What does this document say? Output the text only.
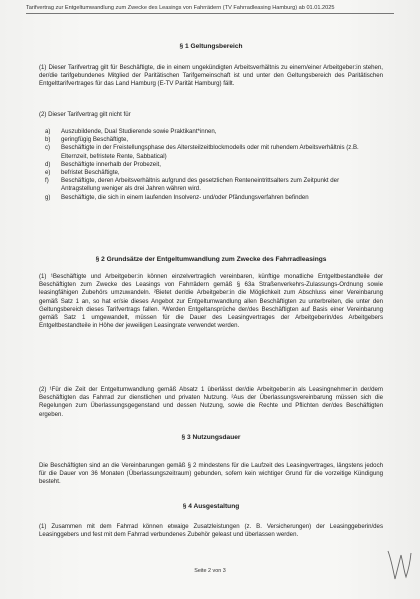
Tarifvertrag zur Entgeltumwandlung zum Zwecke des Leasings von Fahrrädern (TV Fahrradleasing Hamburg) ab 01.01.2025
§ 1 Geltungsbereich
(1) Dieser Tarifvertrag gilt für Beschäftigte, die in einem ungekündigten Arbeitsverhältnis zu einem/einer Arbeitgeber:in stehen, der/die tarifgebundenes Mitglied der Paritätischen Tarifgemeinschaft ist und unter den Geltungsbereich des Paritätischen Entgelttarifvertrages für das Land Hamburg (E-TV Parität Hamburg) fällt.
(2) Dieser Tarifvertrag gilt nicht für
a) Auszubildende, Dual Studierende sowie Praktikant*innen,
b) geringfügig Beschäftigte,
c) Beschäftigte in der Freistellungsphase des Altersteilzeitblockmodells oder mit ruhendem Arbeitsverhältnis (z.B. Elternzeit, befristete Rente, Sabbatical)
d) Beschäftigte innerhalb der Probezeit,
e) befristet Beschäftigte,
f) Beschäftigte, deren Arbeitsverhältnis aufgrund des gesetzlichen Renteneintrittsalters zum Zeitpunkt der Antragstellung weniger als drei Jahren währen wird.
g) Beschäftigte, die sich in einem laufenden Insolvenz- und/oder Pfändungsverfahren befinden
§ 2 Grundsätze der Entgeltumwandlung zum Zwecke des Fahrradleasings
(1) ¹Beschäftigte und Arbeitgeber:in können einzelvertraglich vereinbaren, künftige monatliche Entgeltbestandteile der Beschäftigten zum Zwecke des Leasings von Fahrrädern gemäß § 63a Straßenverkehrs-Zulassungs-Ordnung sowie leasingfähigen Zubehörs umzuwandeln. ²Bietet der/die Arbeitgeber:in die Möglichkeit zum Abschluss einer Vereinbarung gemäß Satz 1 an, so hat er/sie dieses Angebot zur Entgeltumwandlung allen Beschäftigten zu unterbreiten, die unter den Geltungsbereich dieses Tarifvertrags fallen. ³Werden Entgeltansprüche der/des Beschäftigten auf Basis einer Vereinbarung gemäß Satz 1 umgewandelt, müssen für die Dauer des Leasingvertrages der Arbeitgeberin/des Arbeitgebers Entgeltbestandteile in Höhe der jeweiligen Leasingrate verwendet werden.
(2) ¹Für die Zeit der Entgeltumwandlung gemäß Absatz 1 überlässt der/die Arbeitgeber:in als Leasingnehmer:in der/dem Beschäftigten das Fahrrad zur dienstlichen und privaten Nutzung. ²Aus der Überlassungsvereinbarung müssen sich die Regelungen zum Überlassungsgegenstand und dessen Nutzung, sowie die Rechte und Pflichten der/des Beschäftigten ergeben.
§ 3 Nutzungsdauer
Die Beschäftigten sind an die Vereinbarungen gemäß § 2 mindestens für die Laufzeit des Leasingvertrages, längstens jedoch für die Dauer von 36 Monaten (Überlassungszeitraum) gebunden, sofern kein wichtiger Grund für die vorzeitige Kündigung besteht.
§ 4 Ausgestaltung
(1) Zusammen mit dem Fahrrad können etwaige Zusatzleistungen (z. B. Versicherungen) der Leasinggeberin/des Leasinggebers und fest mit dem Fahrrad verbundenes Zubehör geleast und überlassen werden.
Seite 2 von 3
